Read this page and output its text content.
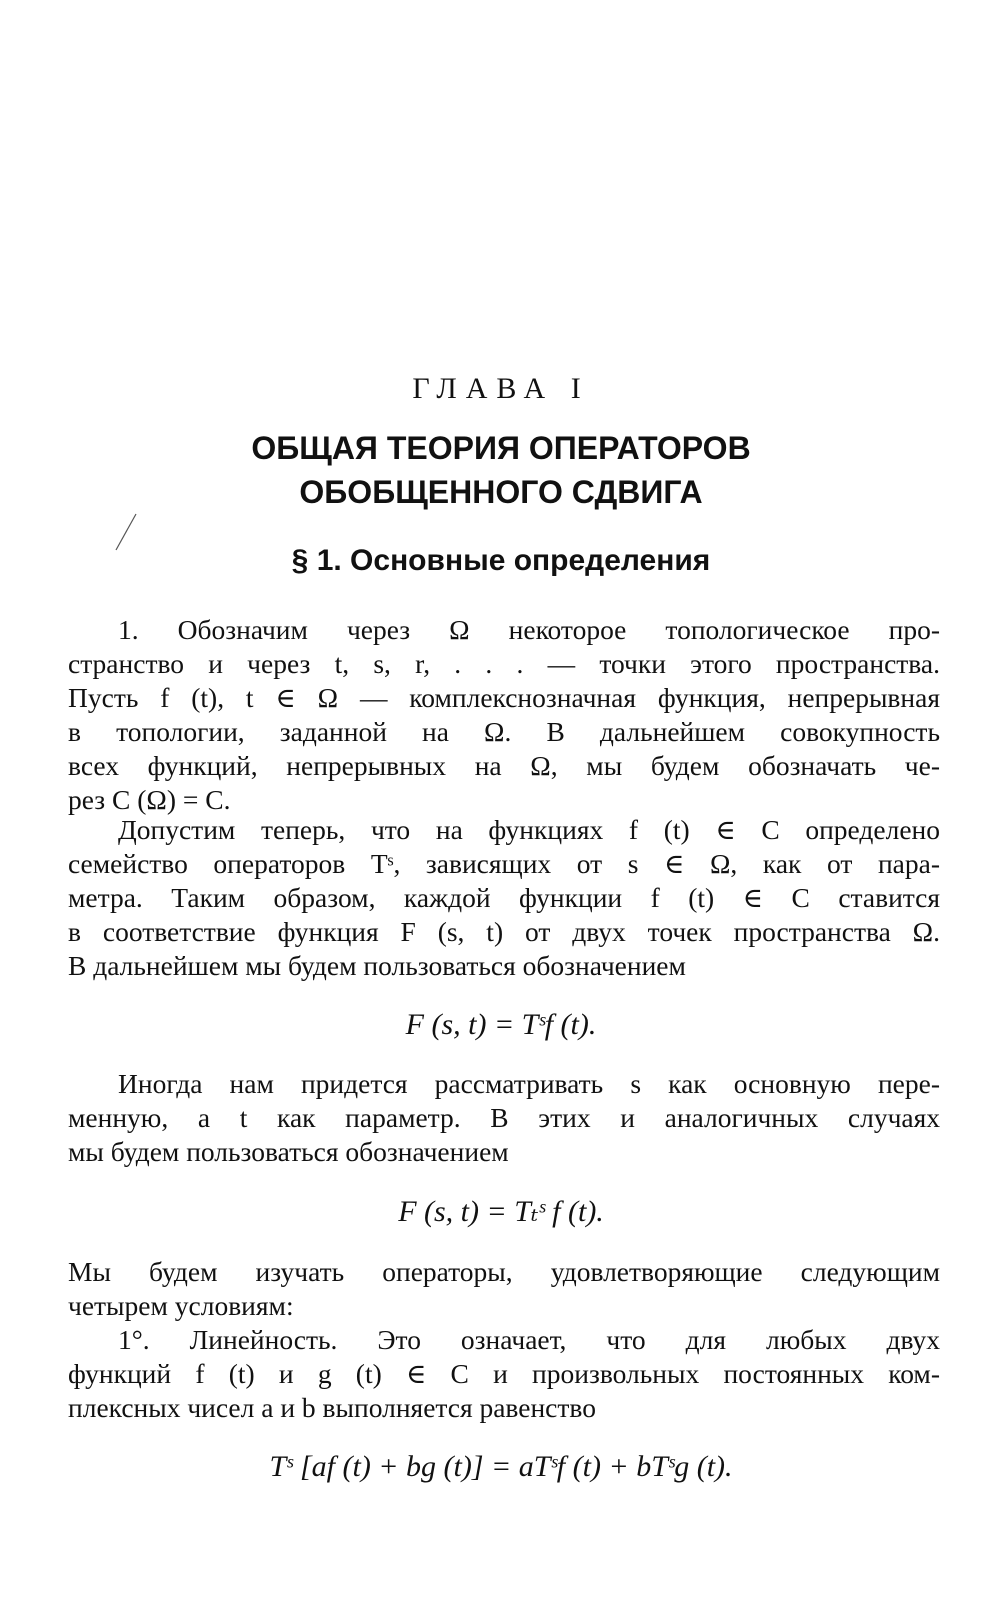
ГЛАВА I
ОБЩАЯ ТЕОРИЯ ОПЕРАТОРОВ
ОБОБЩЕННОГО СДВИГА
§ 1. Основные определения
1. Обозначим через Ω некоторое топологическое про-
странство и через t, s, r, . . . — точки этого пространства.
Пусть f (t), t ∈ Ω — комплекснозначная функция, непрерывная
в топологии, заданной на Ω. В дальнейшем совокупность
всех функций, непрерывных на Ω, мы будем обозначать че-
рез C (Ω) = C.
Допустим теперь, что на функциях f (t) ∈ C определено
семейство операторов Tˢ, зависящих от s ∈ Ω, как от пара-
метра. Таким образом, каждой функции f (t) ∈ C ставится
в соответствие функция F (s, t) от двух точек пространства Ω.
В дальнейшем мы будем пользоваться обозначением
F (s, t) = Tˢf (t).
Иногда нам придется рассматривать s как основную пере-
менную, а t как параметр. В этих и аналогичных случаях
мы будем пользоваться обозначением
F (s, t) = Tₜˢ f (t).
Мы будем изучать операторы, удовлетворяющие следующим
четырем условиям:
1°. Линейность. Это означает, что для любых двух
функций f (t) и g (t) ∈ C и произвольных постоянных ком-
плексных чисел a и b выполняется равенство
Tˢ [af (t) + bg (t)] = aTˢf (t) + bTˢg (t).
